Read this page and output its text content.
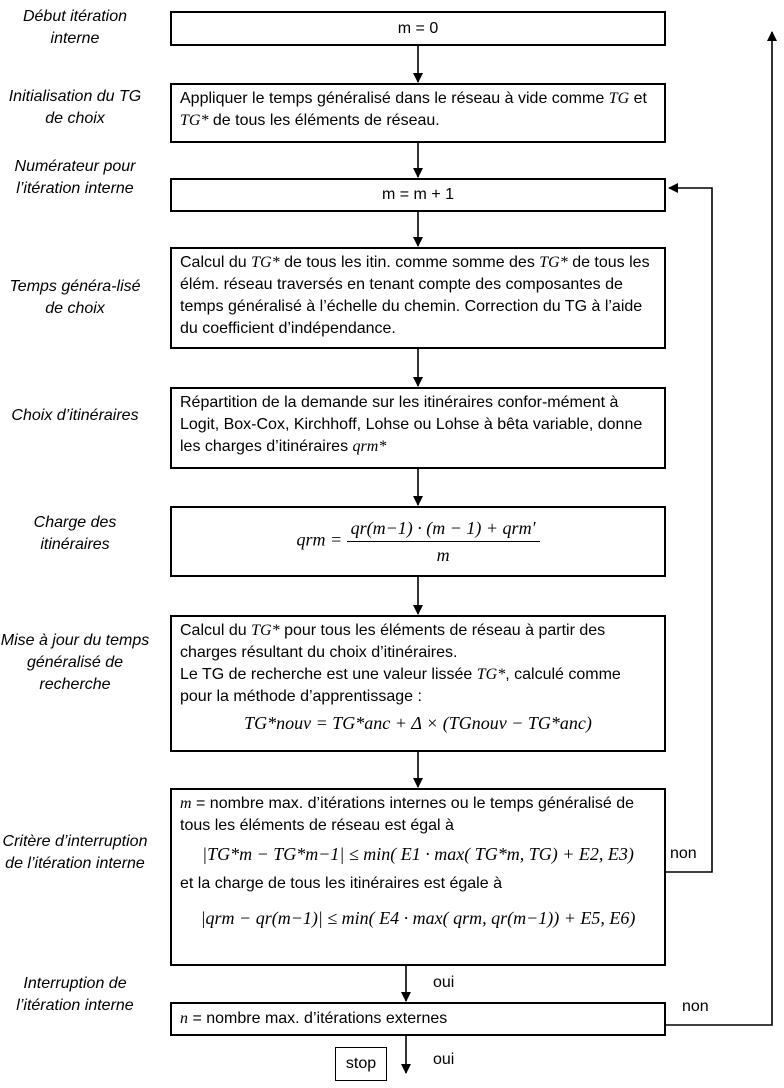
Début itération interne
Initialisation du TG de choix
Numérateur pour l’itération interne
Temps généra-lisé de choix
Choix d’itinéraires
Charge des itinéraires
Mise à jour du temps généralisé de recherche
Critère d’interruption de l’itération interne
Interruption de l’itération interne
m = 0
Appliquer le temps généralisé dans le réseau à vide comme TG et TG* de tous les éléments de réseau.
m = m + 1
Calcul du TG* de tous les itin. comme somme des TG* de tous les élém. réseau traversés en tenant compte des composantes de temps généralisé à l’échelle du chemin. Correction du TG à l’aide du coefficient d’indépendance.
Répartition de la demande sur les itinéraires confor-mément à Logit, Box-Cox, Kirchhoff, Lohse ou Lohse à bêta variable, donne les charges d’itinéraires qrm*
qrm = $\frac{\text{qr(m−1) · (m − 1) + qrm′}}{m}$
Calcul du TG* pour tous les éléments de réseau à partir des charges résultant du choix d’itinéraires.
Le TG de recherche est une valeur lissée TG*, calculé comme pour la méthode d’apprentissage :
TG*nouv = TG*anc + Δ × (TGnouv − TG*anc)
m = nombre max. d’itérations internes ou le temps généralisé de tous les éléments de réseau est égal à
|TG*m − TG*m−1| ≤ min( E1 · max( TG*m, TG) + E2, E3)
et la charge de tous les itinéraires est égale à
|qrm − qr(m−1)| ≤ min( E4 · max( qrm, qr(m−1)) + E5, E6)
n = nombre max. d’itérations externes
non
non
oui
oui
stop
